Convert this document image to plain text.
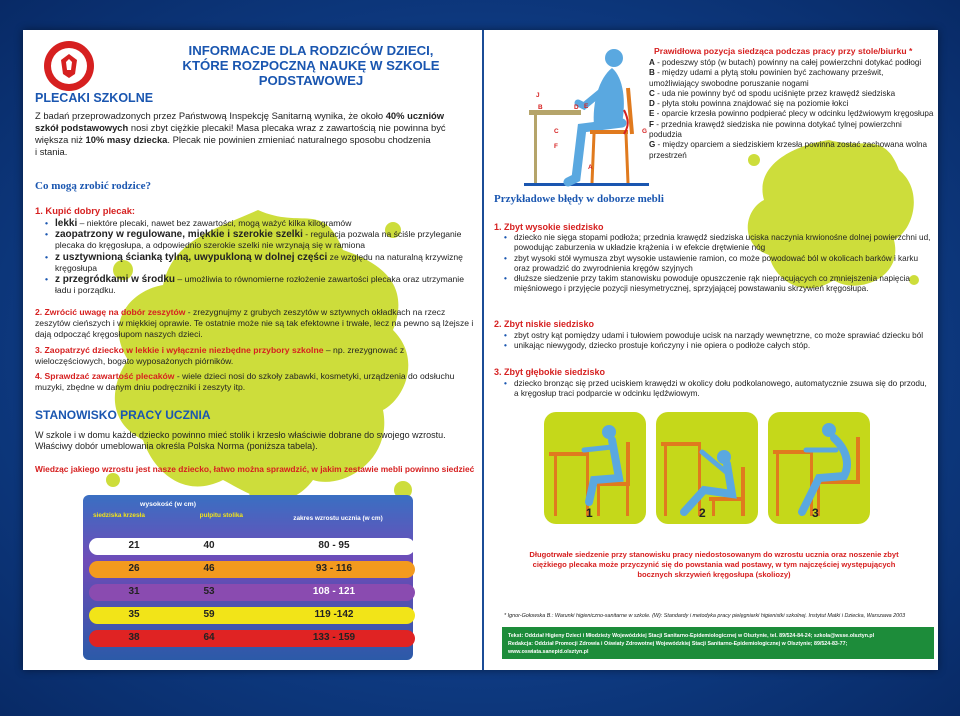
INFORMACJE DLA RODZICÓW DZIECI,
KTÓRE ROZPOCZNĄ NAUKĘ W SZKOLE PODSTAWOWEJ
PLECAKI SZKOLNE
Z badań przeprowadzonych przez Państwową Inspekcję Sanitarną wynika, że około 40% uczniów
szkół podstawowych nosi zbyt ciężkie plecaki! Masa plecaka wraz z zawartością nie powinna być
większa niż 10% masy dziecka. Plecak nie powinien zmieniać naturalnego sposobu chodzenia
i stania.
Co mogą zrobić rodzice?
1. Kupić dobry plecak:
• lekki – niektóre plecaki, nawet bez zawartości, mogą ważyć kilka kilogramów
• zaopatrzony w regulowane, miękkie i szerokie szelki - regulacja pozwala na ściśle przyleganie plecaka do kręgosłupa, a odpowiednio szerokie szelki nie wrzynają się w ramiona
• z usztywnioną ścianką tylną, uwypukloną w dolnej części ze względu na naturalną krzywiznę kręgosłupa
• z przegródkami w środku – umożliwia to równomierne rozłożenie zawartości plecaka oraz utrzymanie ładu i porządku.
2. Zwrócić uwagę na dobór zeszytów - zrezygnujmy z grubych zeszytów w sztywnych okładkach na rzecz zeszytów cieńszych i w miękkiej oprawie. Te ostatnie może nie są tak efektowne i trwałe, lecz na pewno są lżejsze i dają odpocząć kręgosłupom naszych dzieci.
3. Zaopatrzyć dziecko w lekkie i wyłącznie niezbędne przybory szkolne – np. zrezygnować z wieloczęściowych, bogato wyposażonych piórników.
4. Sprawdzać zawartość plecaków - wiele dzieci nosi do szkoły zabawki, kosmetyki, urządzenia do odsłuchu muzyki, zbędne w danym dniu podręczniki i zeszyty itp.
STANOWISKO PRACY UCZNIA
W szkole i w domu każde dziecko powinno mieć stolik i krzesło właściwie dobrane do swojego wzrostu. Właściwy dobór umeblowania określa Polska Norma (poniższa tabela).
Wiedząc jakiego wzrostu jest nasze dziecko, łatwo można sprawdzić, w jakim zestawie mebli powinno siedzieć
wysokość (w cm)
siedziska krzesła	pulpitu stolika	zakres wzrostu ucznia (w cm)
21	40	80 - 95
26	46	93 - 116
31	53	108 - 121
35	59	119 -142
38	64	133 - 159
B
J
C
D E
F
G
A
Prawidłowa pozycja siedząca podczas pracy przy stole/biurku *
A - podeszwy stóp (w butach) powinny na całej powierzchni dotykać podłogi
B - między udami a płytą stołu powinien być zachowany prześwit, umożliwiający swobodne poruszanie nogami
C - uda nie powinny być od spodu uciśnięte przez krawędź siedziska
D - płyta stołu powinna znajdować się na poziomie łokci
E - oparcie krzesła powinno podpierać plecy w odcinku lędźwiowym kręgosłupa
F - przednia krawędź siedziska nie powinna dotykać tylnej powierzchni podudzia
G - między oparciem a siedziskiem krzesła powinna zostać zachowana wolna przestrzeń
Przykładowe błędy w doborze mebli
1. Zbyt wysokie siedzisko
• dziecko nie sięga stopami podłoża; przednia krawędź siedziska uciska naczynia krwionośne dolnej powierzchni ud, powodując zaburzenia w układzie krążenia i w efekcie drętwienie nóg
• zbyt wysoki stół wymusza zbyt wysokie ustawienie ramion, co może powodować ból w okolicach barków i karku oraz prowadzić do zwyrodnienia kręgów szyjnych
• dłuższe siedzenie przy takim stanowisku powoduje opuszczenie rąk niepracujących co zmniejszenia napięcia mięśniowego i przyjęcie pozycji niesymetrycznej, sprzyjającej powstawaniu skrzywień kręgosłupa.
2. Zbyt niskie siedzisko
• zbyt ostry kąt pomiędzy udami i tułowiem powoduje ucisk na narządy wewnętrzne, co może sprawiać dziecku ból
• unikając niewygody, dziecko prostuje kończyny i nie opiera o podłoże całych stóp.
3. Zbyt głębokie siedzisko
• dziecko bronząc się przed uciskiem krawędzi w okolicy dołu podkolanowego, automatycznie zsuwa się do przodu, a kręgosłup traci podparcie w odcinku lędźwiowym.
1	2	3
Długotrwałe siedzenie przy stanowisku pracy niedostosowanym do wzrostu ucznia oraz noszenie zbyt ciężkiego plecaka może przyczynić się do powstania wad postawy, w tym najczęściej występujących bocznych skrzywień kręgosłupa (skoliozy)
* Ignor-Gołowska B.: Warunki higieniczno-sanitarne w szkole. (W): Standardy i metodyka pracy pielęgniarki higienistki szkolnej. Instytut Matki i Dziecka, Warszawa 2003
Tekst: Oddział Higieny Dzieci i Młodzieży Wojewódzkiej Stacji Sanitarno-Epidemiologicznej w Olsztynie, tel. 89/524-84-24; szkola@wsse.olsztyn.pl
Redakcja: Oddział Promocji Zdrowia i Oświaty Zdrowotnej Wojewódzkiej Stacji Sanitarno-Epidemiologicznej w Olsztynie; 89/524-83-77; www.oswiata.sanepid.olsztyn.pl
